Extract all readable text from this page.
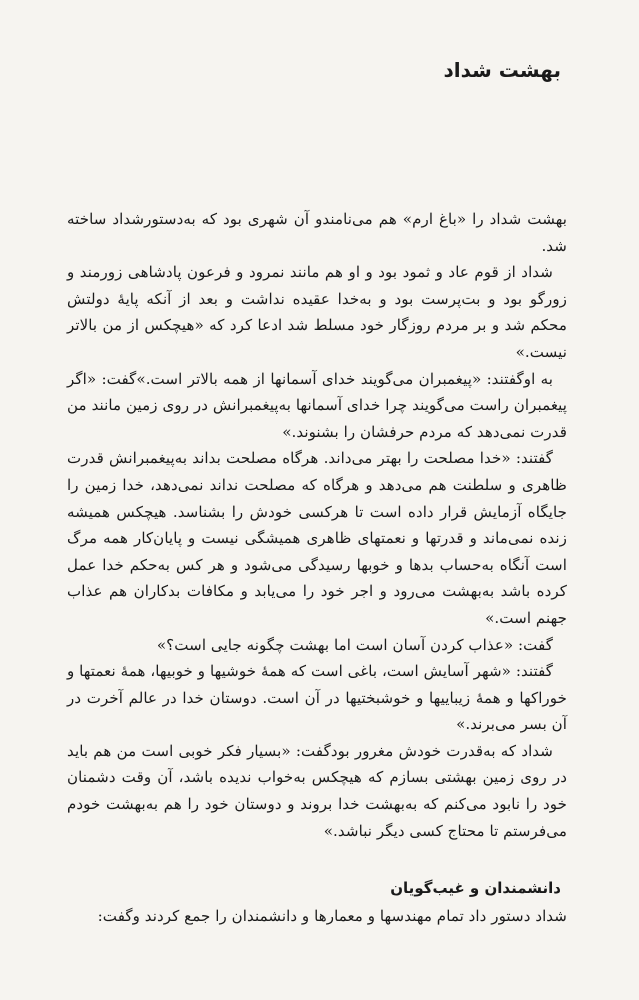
بهشت شداد

بهشت شداد را «باغ ارم» هم می‌نامندو آن شهری بود که به‌دستورشداد ساخته شد.

شداد از قوم عاد و ثمود بود و او هم مانند نمرود و فرعون پادشاهی زورمند و زورگو بود و بت‌پرست بود و به‌خدا عقیده نداشت و بعد از آنکه پایهٔ دولتش محکم شد و بر مردم روزگار خود مسلط شد ادعا کرد که «هیچکس از من بالاتر نیست.»

به اوگفتند: «پیغمبران می‌گویند خدای آسمانها از همه بالاتر است.»گفت: «اگر پیغمبران راست می‌گویند چرا خدای آسمانها به‌پیغمبرانش در روی زمین مانند من قدرت نمی‌دهد که مردم حرفشان را بشنوند.»

گفتند: «خدا مصلحت را بهتر می‌داند. هرگاه مصلحت بداند به‌پیغمبرانش قدرت ظاهری و سلطنت هم می‌دهد و هرگاه که مصلحت نداند نمی‌دهد، خدا زمین را جایگاه آزمایش قرار داده است تا هرکسی خودش را بشناسد. هیچکس همیشه زنده نمی‌ماند و قدرتها و نعمتهای ظاهری همیشگی نیست و پایان‌کار همه مرگ است آنگاه به‌حساب بدها و خوبها رسیدگی می‌شود و هر کس به‌حکم خدا عمل کرده باشد به‌بهشت می‌رود و اجر خود را می‌یابد و مکافات بدکاران هم عذاب جهنم است.»

گفت: «عذاب کردن آسان است اما بهشت چگونه جایی است؟»

گفتند: «شهر آسایش است، باغی است که همهٔ خوشیها و خوبیها، همهٔ نعمتها و خوراکها و همهٔ زیباییها و خوشبختیها در آن است. دوستان خدا در عالم آخرت در آن بسر می‌برند.»

شداد که به‌قدرت خودش مغرور بودگفت: «بسیار فکر خوبی است من هم باید در روی زمین بهشتی بسازم که هیچکس به‌خواب ندیده باشد، آن وقت دشمنان خود را نابود می‌کنم که به‌بهشت خدا بروند و دوستان خود را هم به‌بهشت خودم می‌فرستم تا محتاج کسی دیگر نباشد.»

دانشمندان و غیب‌گویان

شداد دستور داد تمام مهندسها و معمارها و دانشمندان را جمع کردند وگفت:
